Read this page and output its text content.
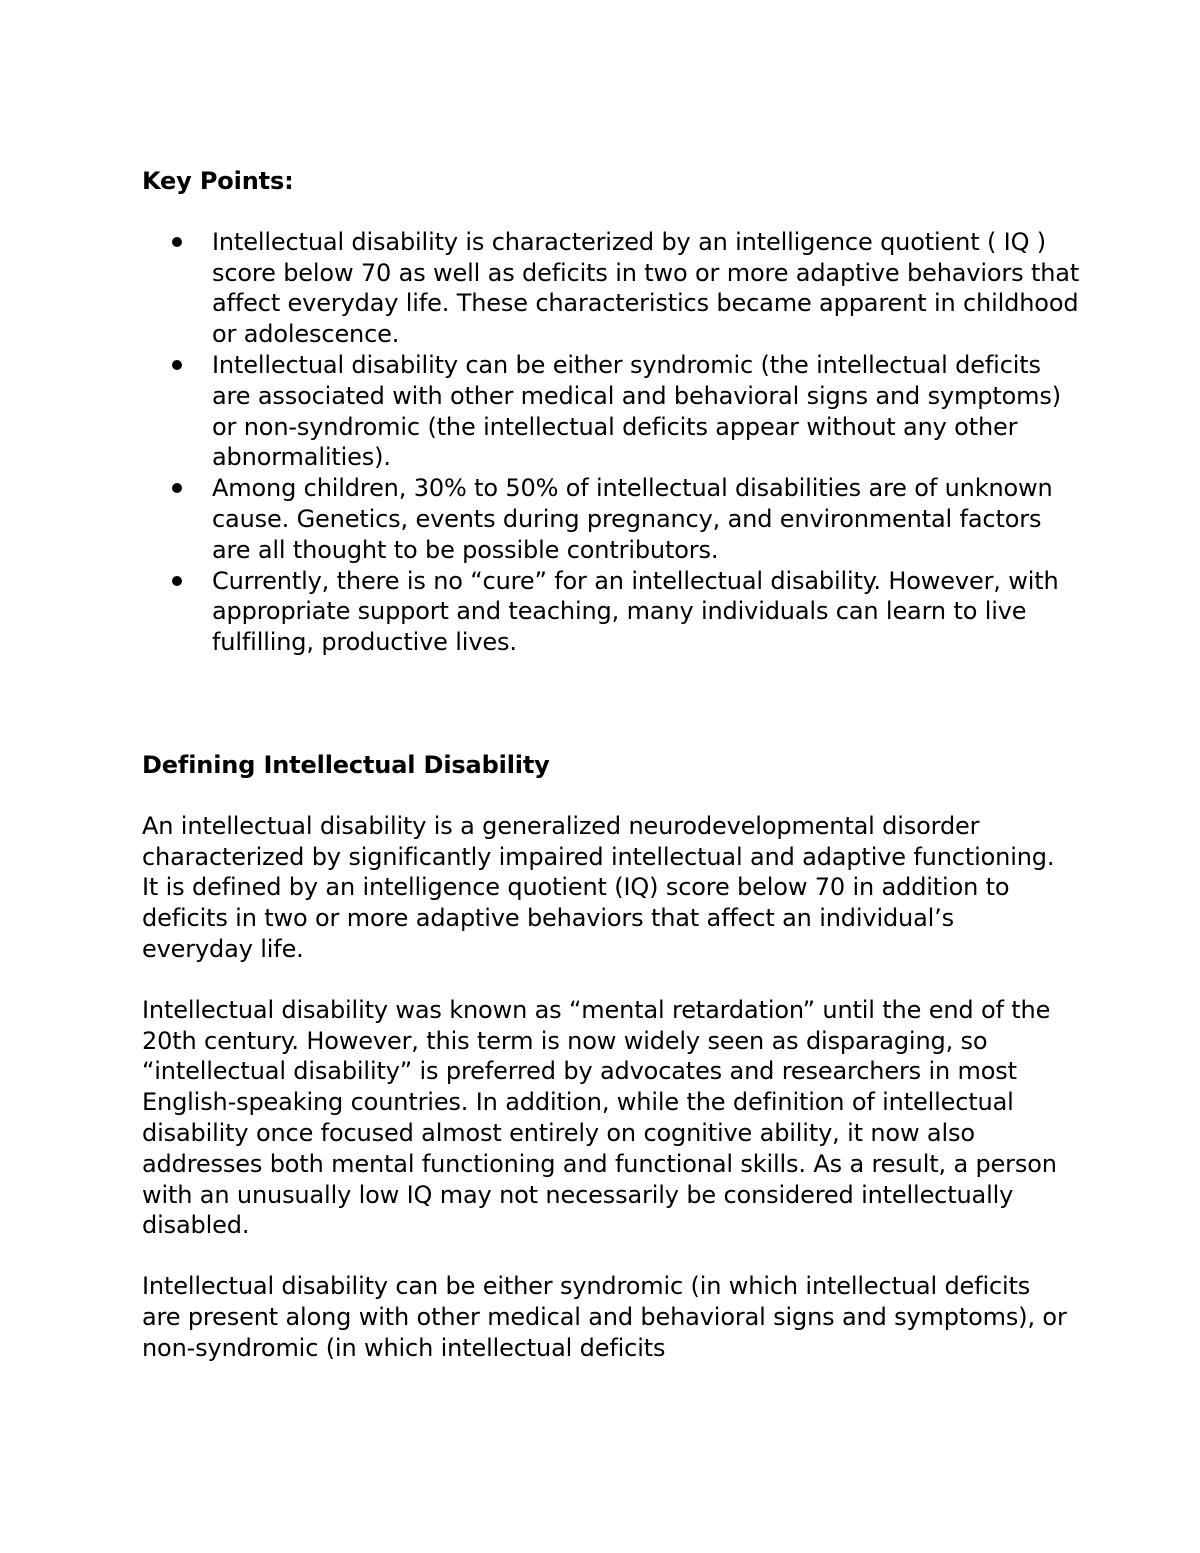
Key Points:

Intellectual disability is characterized by an intelligence quotient ( IQ ) score below 70 as well as deficits in two or more adaptive behaviors that affect everyday life. These characteristics became apparent in childhood or adolescence.
Intellectual disability can be either syndromic (the intellectual deficits are associated with other medical and behavioral signs and symptoms) or non-syndromic (the intellectual deficits appear without any other abnormalities).
Among children, 30% to 50% of intellectual disabilities are of unknown cause. Genetics, events during pregnancy, and environmental factors are all thought to be possible contributors.
Currently, there is no “cure” for an intellectual disability. However, with appropriate support and teaching, many individuals can learn to live fulfilling, productive lives.

Defining Intellectual Disability

An intellectual disability is a generalized neurodevelopmental disorder characterized by significantly impaired intellectual and adaptive functioning. It is defined by an intelligence quotient (IQ) score below 70 in addition to deficits in two or more adaptive behaviors that affect an individual’s everyday life.

Intellectual disability was known as “mental retardation” until the end of the 20th century. However, this term is now widely seen as disparaging, so “intellectual disability” is preferred by advocates and researchers in most English-speaking countries. In addition, while the definition of intellectual disability once focused almost entirely on cognitive ability, it now also addresses both mental functioning and functional skills. As a result, a person with an unusually low IQ may not necessarily be considered intellectually disabled.

Intellectual disability can be either syndromic (in which intellectual deficits are present along with other medical and behavioral signs and symptoms), or non-syndromic (in which intellectual deficits
